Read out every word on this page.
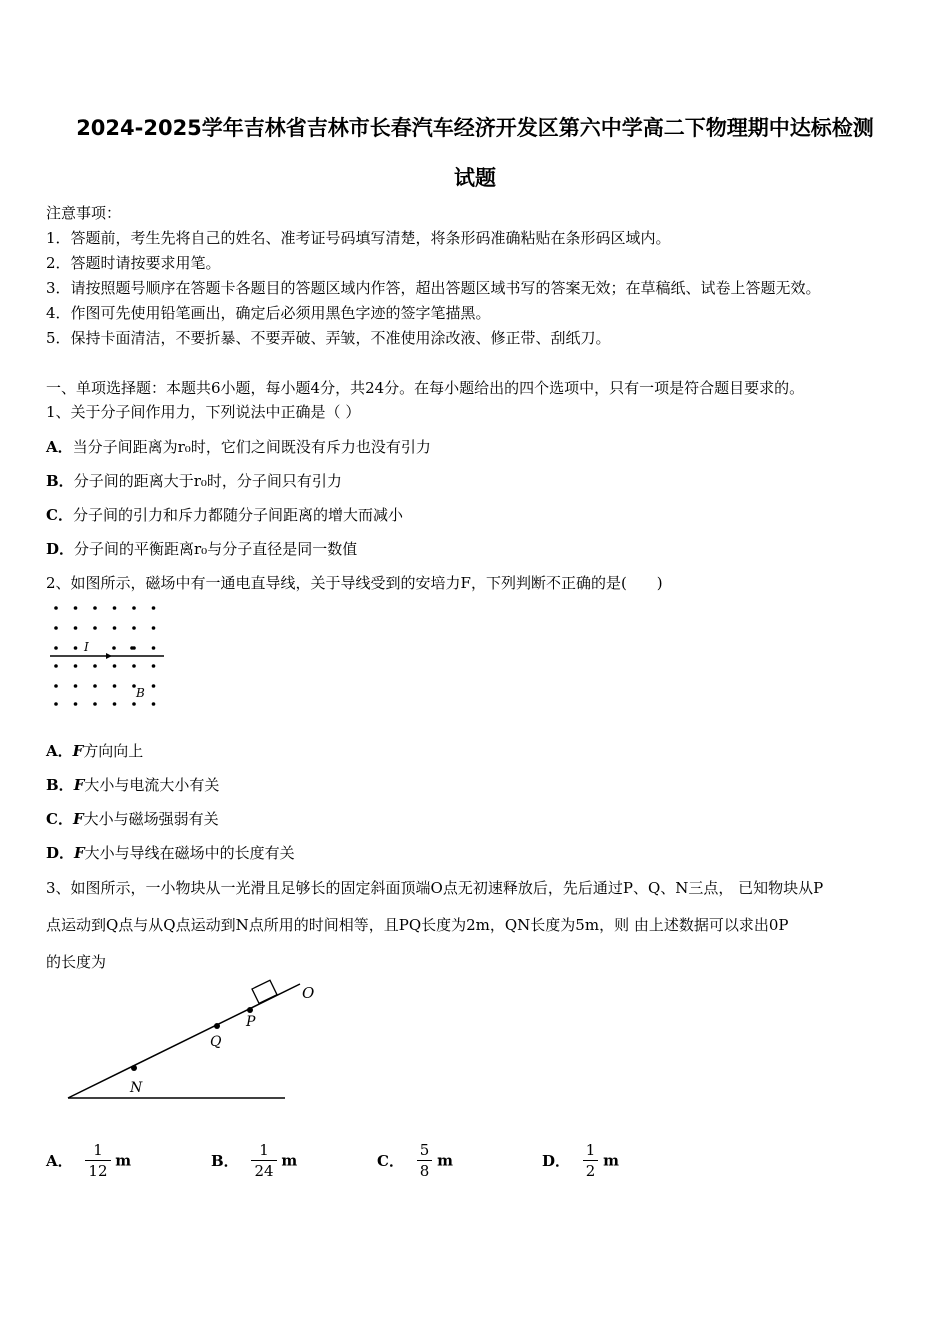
2024-2025学年吉林省吉林市长春汽车经济开发区第六中学高二下物理期中达标检测
试题
注意事项：
1．答题前，考生先将自己的姓名、准考证号码填写清楚，将条形码准确粘贴在条形码区域内。
2．答题时请按要求用笔。
3．请按照题号顺序在答题卡各题目的答题区域内作答，超出答题区域书写的答案无效；在草稿纸、试卷上答题无效。
4．作图可先使用铅笔画出，确定后必须用黑色字迹的签字笔描黑。
5．保持卡面清洁，不要折暴、不要弄破、弄皱，不准使用涂改液、修正带、刮纸刀。
一、单项选择题：本题共6小题，每小题4分，共24分。在每小题给出的四个选项中，只有一项是符合题目要求的。
1、关于分子间作用力，下列说法中正确是（ ）
A．当分子间距离为r₀时，它们之间既没有斥力也没有引力
B．分子间的距离大于r₀时，分子间只有引力
C．分子间的引力和斥力都随分子间距离的增大而减小
D．分子间的平衡距离r₀与分子直径是同一数值
2、如图所示，磁场中有一通电直导线，关于导线受到的安培力F，下列判断不正确的是(　　)
I
B
A．F方向向上
B．F大小与电流大小有关
C．F大小与磁场强弱有关
D．F大小与导线在磁场中的长度有关
3、如图所示，一小物块从一光滑且足够长的固定斜面顶端O点无初速释放后，先后通过P、Q、N三点， 已知物块从P
点运动到Q点与从Q点运动到N点所用的时间相等，且PQ长度为2m，QN长度为5m，则 由上述数据可以求出0P
的长度为
O
P
Q
N
A． $\frac{1}{12}$ m	B． $\frac{1}{24}$ m	C． $\frac{5}{8}$ m	D． $\frac{1}{2}$ m
